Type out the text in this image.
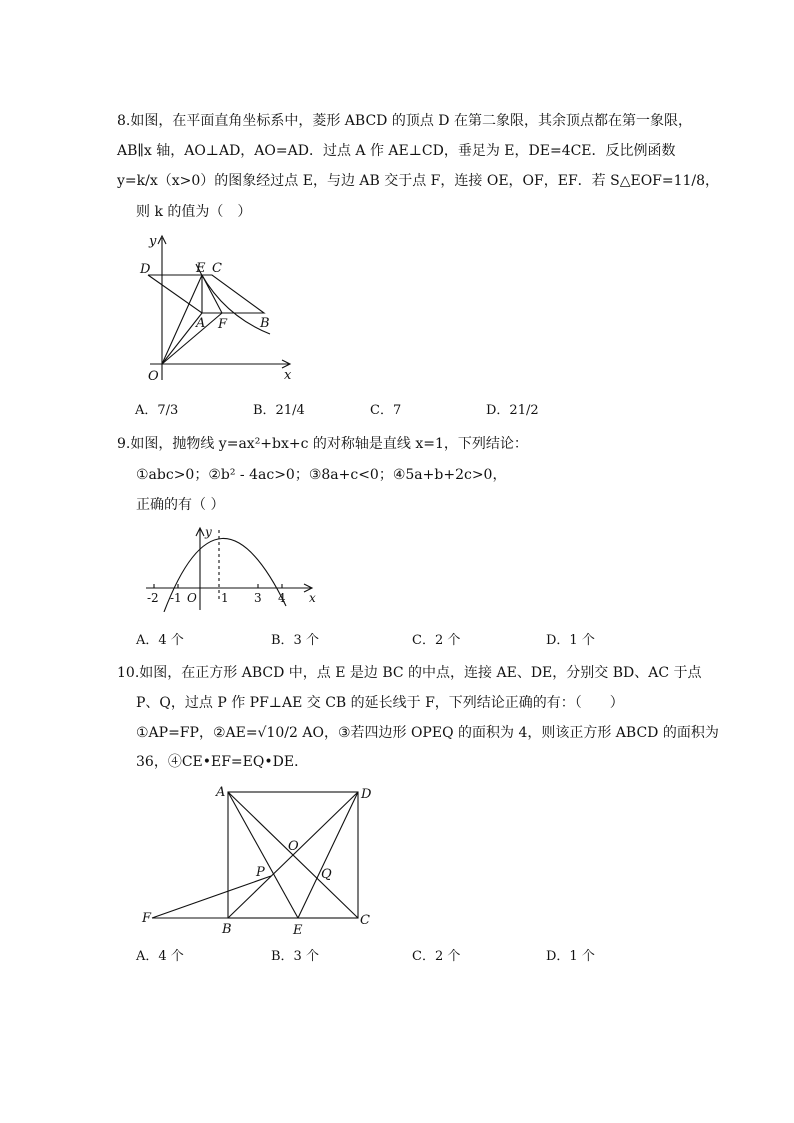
8.如图，在平面直角坐标系中，菱形 ABCD 的顶点 D 在第二象限，其余顶点都在第一象限，
AB∥x 轴，AO⊥AD，AO=AD．过点 A 作 AE⊥CD，垂足为 E，DE=4CE．反比例函数
y=k/x（x>0）的图象经过点 E，与边 AB 交于点 F，连接 OE，OF，EF．若 S△EOF=11/8，
则 k 的值为（　）
y
x
O
D	E C
A F	B
A．7/3	B．21/4	C．7	D．21/2
9.如图，抛物线 y=ax²+bx+c 的对称轴是直线 x=1，下列结论：
①abc>0；②b² - 4ac>0；③8a+c<0；④5a+b+2c>0，
正确的有（ ）
y
x
O
-2 -1	1 3 4
A．4 个	B．3 个	C．2 个	D．1 个
10.如图，在正方形 ABCD 中，点 E 是边 BC 的中点，连接 AE、DE，分别交 BD、AC 于点
P、Q，过点 P 作 PF⊥AE 交 CB 的延长线于 F，下列结论正确的有：（　　）
①AP=FP，②AE=√10/2 AO，③若四边形 OPEQ 的面积为 4，则该正方形 ABCD 的面积为
36，④CE•EF=EQ•DE．
A	D
O
P	Q
F
B	E
C
A．4 个	B．3 个	C．2 个	D．1 个
